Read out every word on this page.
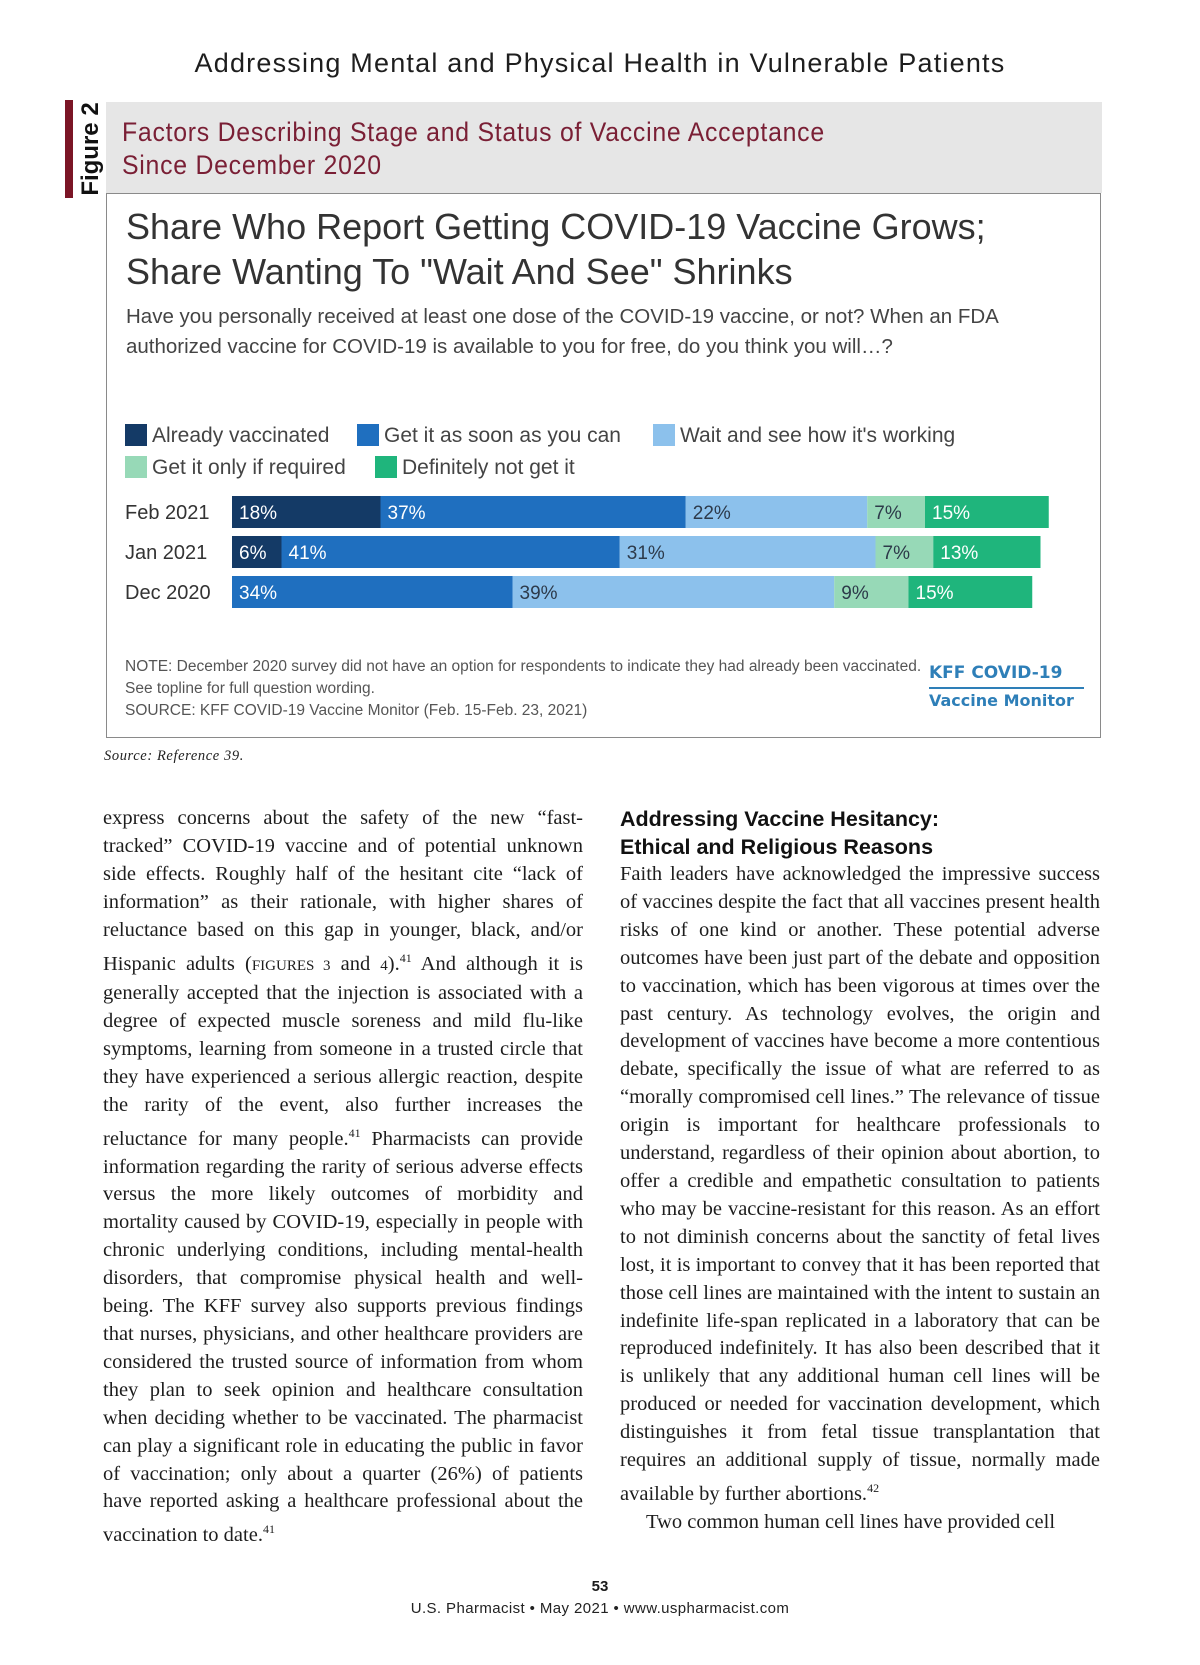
Addressing Mental and Physical Health in Vulnerable Patients
Figure 2 Factors Describing Stage and Status of Vaccine Acceptance
Since December 2020
Share Who Report Getting COVID-19 Vaccine Grows; Share Wanting To "Wait And See" Shrinks
Have you personally received at least one dose of the COVID-19 vaccine, or not? When an FDA authorized vaccine for COVID-19 is available to you for free, do you think you will…?
Already vaccinated	Get it as soon as you can	Wait and see how it's working
Get it only if required	Definitely not get it
Feb 2021 18%	37%	22%	7% 15%
Jan 2021 6% 41%	31%	7% 13%
Dec 2020 34%	39%	9% 15%
NOTE: December 2020 survey did not have an option for respondents to indicate they had already been vaccinated. See topline for full question wording.
SOURCE: KFF COVID-19 Vaccine Monitor (Feb. 15-Feb. 23, 2021)
KFF COVID-19
Vaccine Monitor
Source: Reference 39.

express concerns about the safety of the new “fast-tracked” COVID-19 vaccine and of potential unknown side effects. Roughly half of the hesitant cite “lack of information” as their rationale, with higher shares of reluctance based on this gap in younger, black, and/or Hispanic adults (FIGURES 3 and 4).$^{41}$ And although it is generally accepted that the injection is associated with a degree of expected muscle soreness and mild flu-like symptoms, learning from someone in a trusted circle that they have experienced a serious allergic reaction, despite the rarity of the event, also further increases the reluctance for many people.$^{41}$ Pharmacists can provide information regarding the rarity of serious adverse effects versus the more likely outcomes of morbidity and mortality caused by COVID-19, especially in people with chronic underlying conditions, including mental-health disorders, that compromise physical health and well-being. The KFF survey also supports previous findings that nurses, physicians, and other healthcare providers are considered the trusted source of information from whom they plan to seek opinion and healthcare consultation when deciding whether to be vaccinated. The pharmacist can play a significant role in educating the public in favor of vaccination; only about a quarter (26%) of patients have reported asking a healthcare professional about the vaccination to date.$^{41}$

Addressing Vaccine Hesitancy:
Ethical and Religious Reasons

Faith leaders have acknowledged the impressive success of vaccines despite the fact that all vaccines present health risks of one kind or another. These potential adverse outcomes have been just part of the debate and opposition to vaccination, which has been vigorous at times over the past century. As technology evolves, the origin and development of vaccines have become a more contentious debate, specifically the issue of what are referred to as “morally compromised cell lines.” The relevance of tissue origin is important for healthcare professionals to understand, regardless of their opinion about abortion, to offer a credible and empathetic consultation to patients who may be vaccine-resistant for this reason. As an effort to not diminish concerns about the sanctity of fetal lives lost, it is important to convey that it has been reported that those cell lines are maintained with the intent to sustain an indefinite life-span replicated in a laboratory that can be reproduced indefinitely. It has also been described that it is unlikely that any additional human cell lines will be produced or needed for vaccination development, which distinguishes it from fetal tissue transplantation that requires an additional supply of tissue, normally made available by further abortions.$^{42}$

Two common human cell lines have provided cell

53
U.S. Pharmacist • May 2021 • www.uspharmacist.com
